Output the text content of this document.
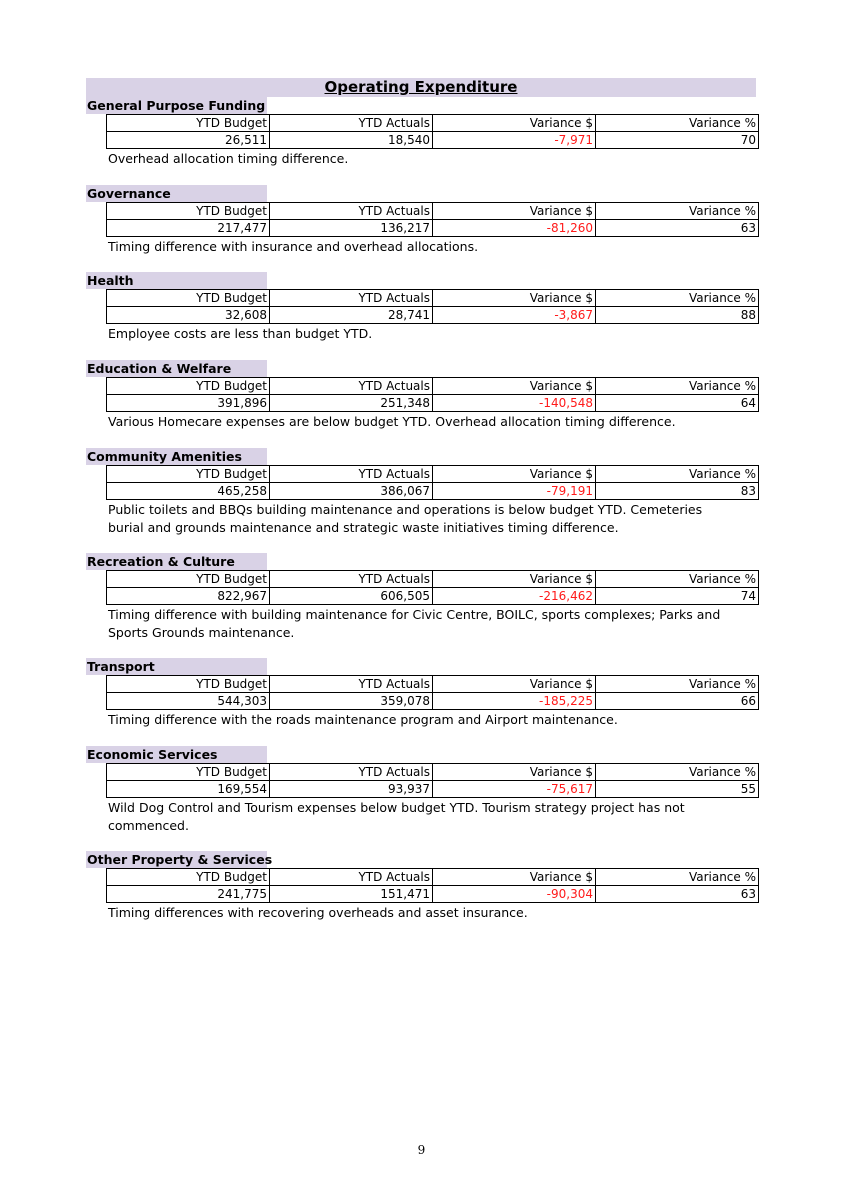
Operating Expenditure
General Purpose Funding
YTD Budget	YTD Actuals	Variance $	Variance %
26,511	18,540	-7,971	70
Overhead allocation timing difference.
Governance
YTD Budget	YTD Actuals	Variance $	Variance %
217,477	136,217	-81,260	63
Timing difference with insurance and overhead allocations.
Health
YTD Budget	YTD Actuals	Variance $	Variance %
32,608	28,741	-3,867	88
Employee costs are less than budget YTD.
Education & Welfare
YTD Budget	YTD Actuals	Variance $	Variance %
391,896	251,348	-140,548	64
Various Homecare expenses are below budget YTD. Overhead allocation timing difference.
Community Amenities
YTD Budget	YTD Actuals	Variance $	Variance %
465,258	386,067	-79,191	83
Public toilets and BBQs building maintenance and operations is below budget YTD. Cemeteries burial and grounds maintenance and strategic waste initiatives timing difference.
Recreation & Culture
YTD Budget	YTD Actuals	Variance $	Variance %
822,967	606,505	-216,462	74
Timing difference with building maintenance for Civic Centre, BOILC, sports complexes; Parks and Sports Grounds maintenance.
Transport
YTD Budget	YTD Actuals	Variance $	Variance %
544,303	359,078	-185,225	66
Timing difference with the roads maintenance program and Airport maintenance.
Economic Services
YTD Budget	YTD Actuals	Variance $	Variance %
169,554	93,937	-75,617	55
Wild Dog Control and Tourism expenses below budget YTD. Tourism strategy project has not commenced.
Other Property & Services
YTD Budget	YTD Actuals	Variance $	Variance %
241,775	151,471	-90,304	63
Timing differences with recovering overheads and asset insurance.
9
